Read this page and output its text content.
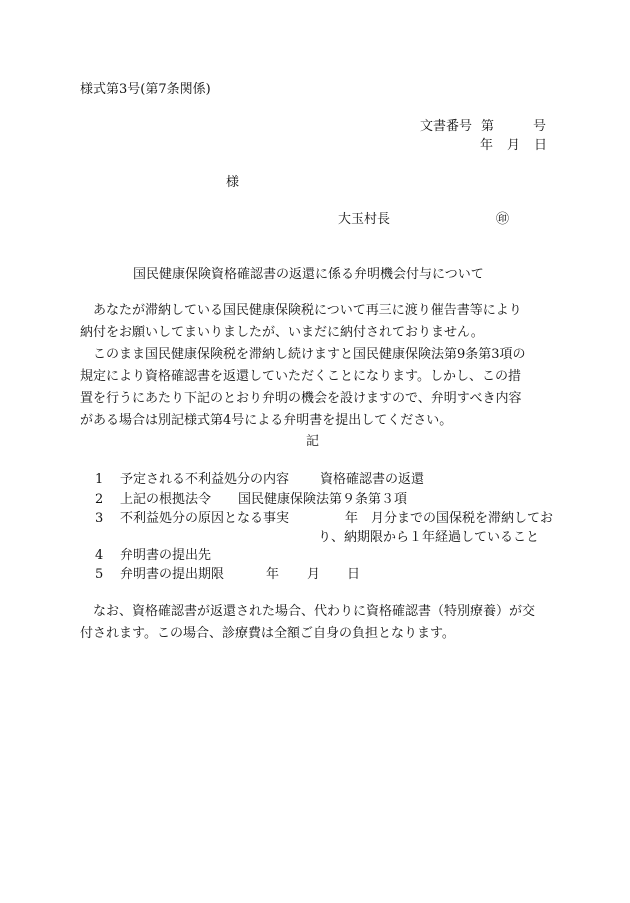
様式第3号(第7条関係)
文書番号 第	号
年 月 日
様
大玉村長	㊞
国民健康保険資格確認書の返還に係る弁明機会付与について
あなたが滞納している国民健康保険税について再三に渡り催告書等により
納付をお願いしてまいりましたが、いまだに納付されておりません。
このまま国民健康保険税を滞納し続けますと国民健康保険法第9条第3項の
規定により資格確認書を返還していただくことになります。しかし、この措
置を行うにあたり下記のとおり弁明の機会を設けますので、弁明すべき内容
がある場合は別記様式第4号による弁明書を提出してください。
記
1 予定される不利益処分の内容 資格確認書の返還
2 上記の根拠法令 国民健康保険法第９条第３項
3 不利益処分の原因となる事実	年　月分までの国保税を滞納してお
り、納期限から１年経過していること
4 弁明書の提出先
5 弁明書の提出期限	年 月 日
なお、資格確認書が返還された場合、代わりに資格確認書（特別療養）が交
付されます。この場合、診療費は全額ご自身の負担となります。
